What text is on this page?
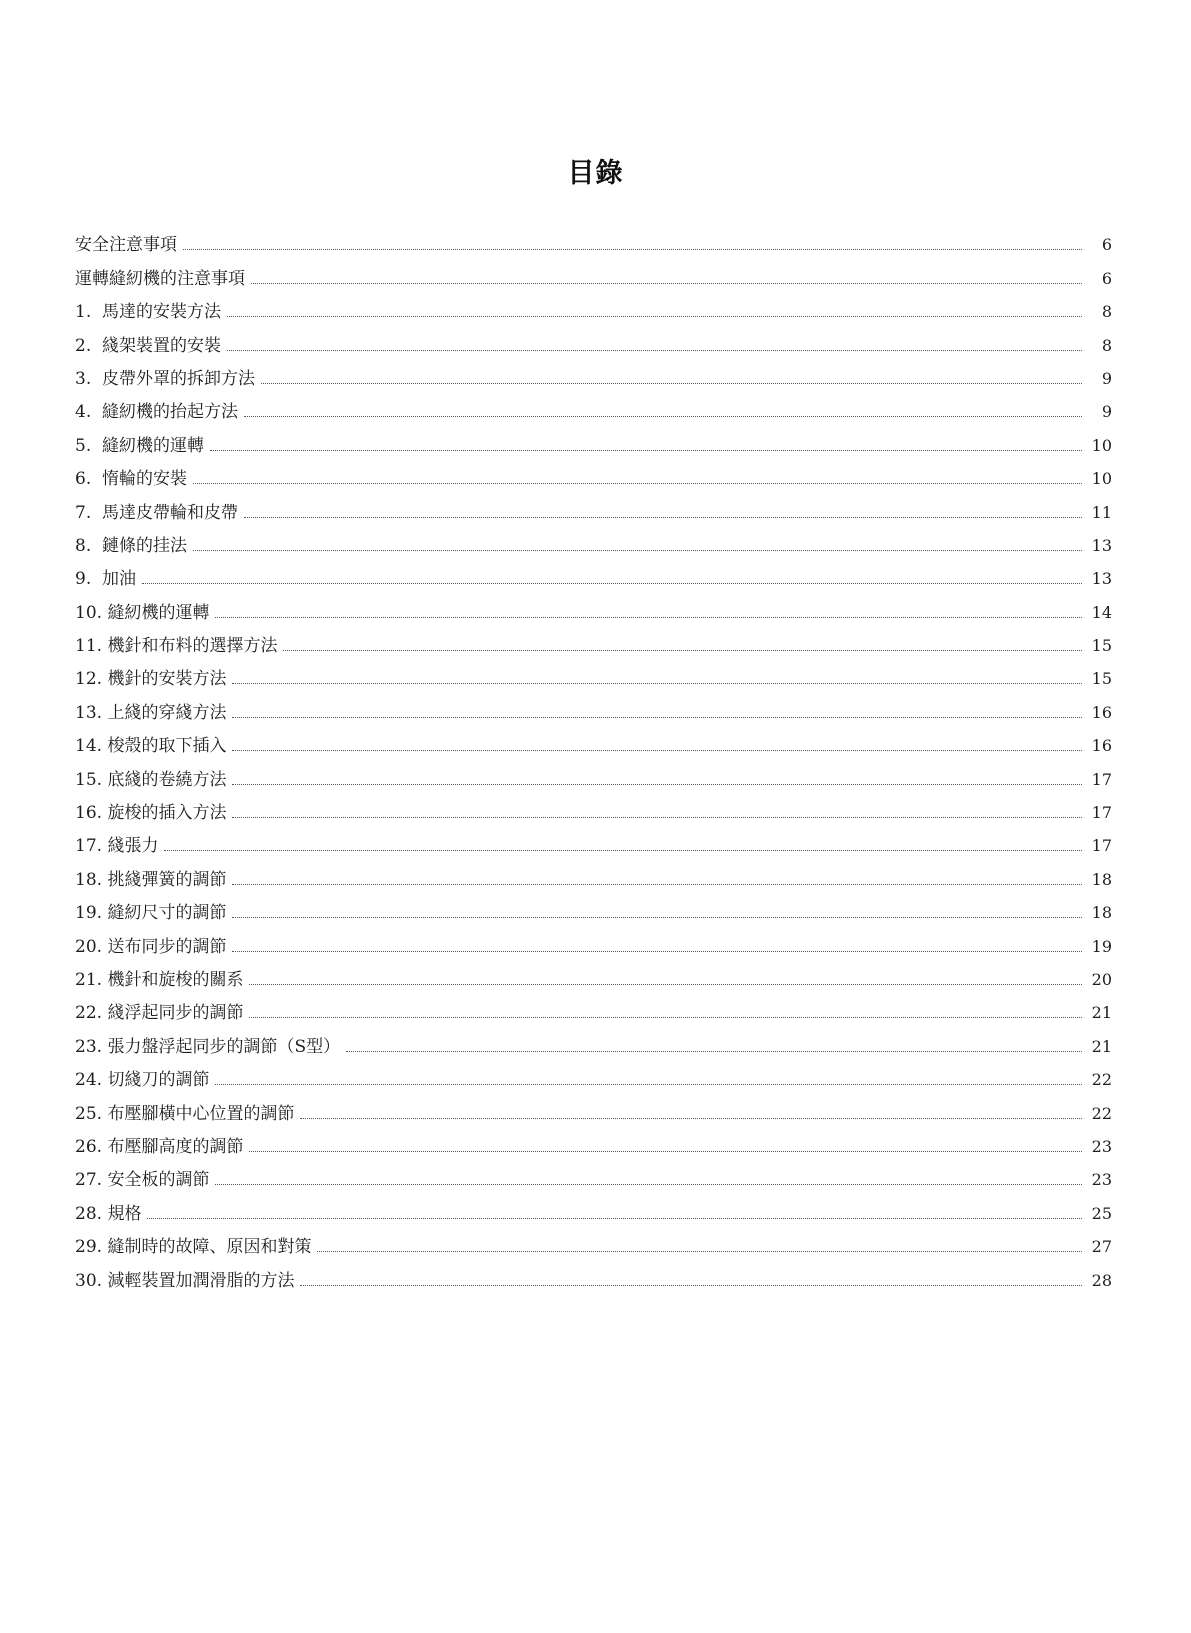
目錄
安全注意事項	6
運轉縫紉機的注意事項	6
1. 馬達的安裝方法	8
2. 綫架裝置的安裝	8
3. 皮帶外罩的拆卸方法	9
4. 縫紉機的抬起方法	9
5. 縫紉機的運轉	10
6. 惰輪的安裝	10
7. 馬達皮帶輪和皮帶	11
8. 鏈條的挂法	13
9. 加油	13
10. 縫紉機的運轉	14
11. 機針和布料的選擇方法	15
12. 機針的安裝方法	15
13. 上綫的穿綫方法	16
14. 梭殼的取下插入	16
15. 底綫的卷繞方法	17
16. 旋梭的插入方法	17
17. 綫張力	17
18. 挑綫彈簧的調節	18
19. 縫紉尺寸的調節	18
20. 送布同步的調節	19
21. 機針和旋梭的關系	20
22. 綫浮起同步的調節	21
23. 張力盤浮起同步的調節（S型）	21
24. 切綫刀的調節	22
25. 布壓腳橫中心位置的調節	22
26. 布壓腳高度的調節	23
27. 安全板的調節	23
28. 規格	25
29. 縫制時的故障、原因和對策	27
30. 減輕裝置加潤滑脂的方法	28
